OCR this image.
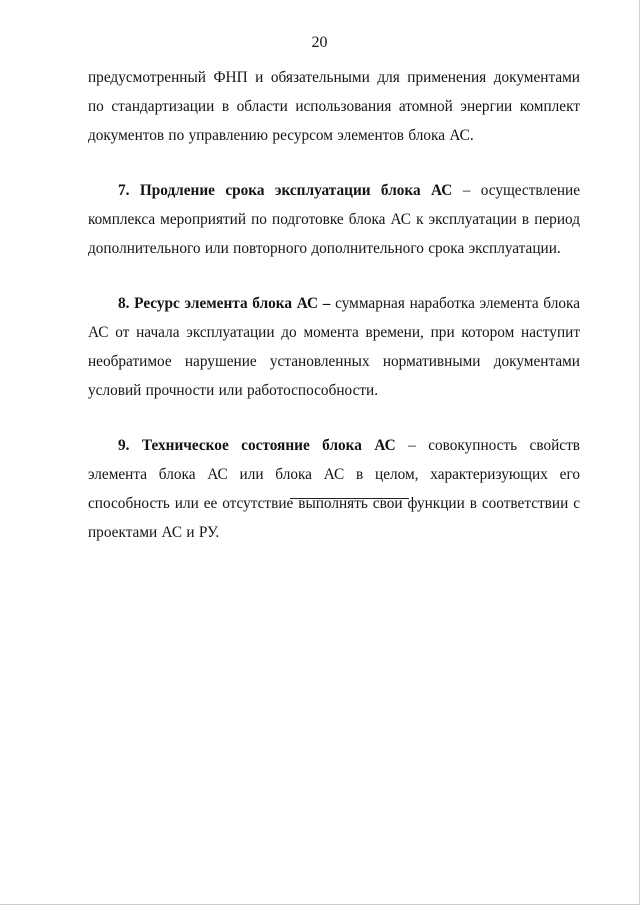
20

предусмотренный ФНП и обязательными для применения документами по стандартизации в области использования атомной энергии комплект документов по управлению ресурсом элементов блока АС.

7. Продление срока эксплуатации блока АС – осуществление комплекса мероприятий по подготовке блока АС к эксплуатации в период дополнительного или повторного дополнительного срока эксплуатации.

8. Ресурс элемента блока АС – суммарная наработка элемента блока АС от начала эксплуатации до момента времени, при котором наступит необратимое нарушение установленных нормативными документами условий прочности или работоспособности.

9. Техническое состояние блока АС – совокупность свойств элемента блока АС или блока АС в целом, характеризующих его способность или ее отсутствие выполнять свои функции в соответствии с проектами АС и РУ.
